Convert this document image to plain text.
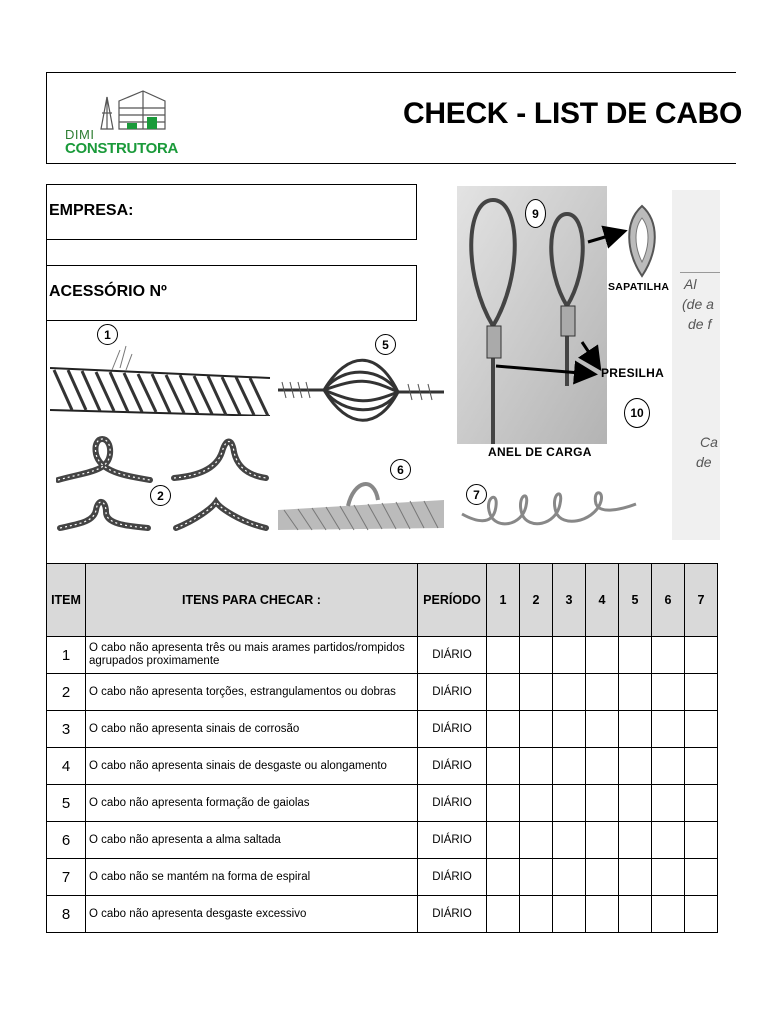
DIMI
CONSTRUTORA
CHECK - LIST DE CABO
EMPRESA:
ACESSÓRIO Nº
1
2
5
6
7
9
SAPATILHA
PRESILHA
10
ANEL DE CARGA
Al
(de a
de f
Ca
de
ITEM	ITENS PARA CHECAR :	PERÍODO	1	2	3	4	5	6	7
1	O cabo não apresenta três ou mais arames partidos/rompidos agrupados proximamente	DIÁRIO							
2	O cabo não apresenta torções, estrangulamentos ou dobras	DIÁRIO							
3	O cabo não apresenta sinais de corrosão	DIÁRIO							
4	O cabo não apresenta sinais de desgaste ou alongamento	DIÁRIO							
5	O cabo não apresenta formação de gaiolas	DIÁRIO							
6	O cabo não apresenta a alma saltada	DIÁRIO							
7	O cabo não se mantém na forma de espiral	DIÁRIO							
8	O cabo não apresenta desgaste excessivo	DIÁRIO							
